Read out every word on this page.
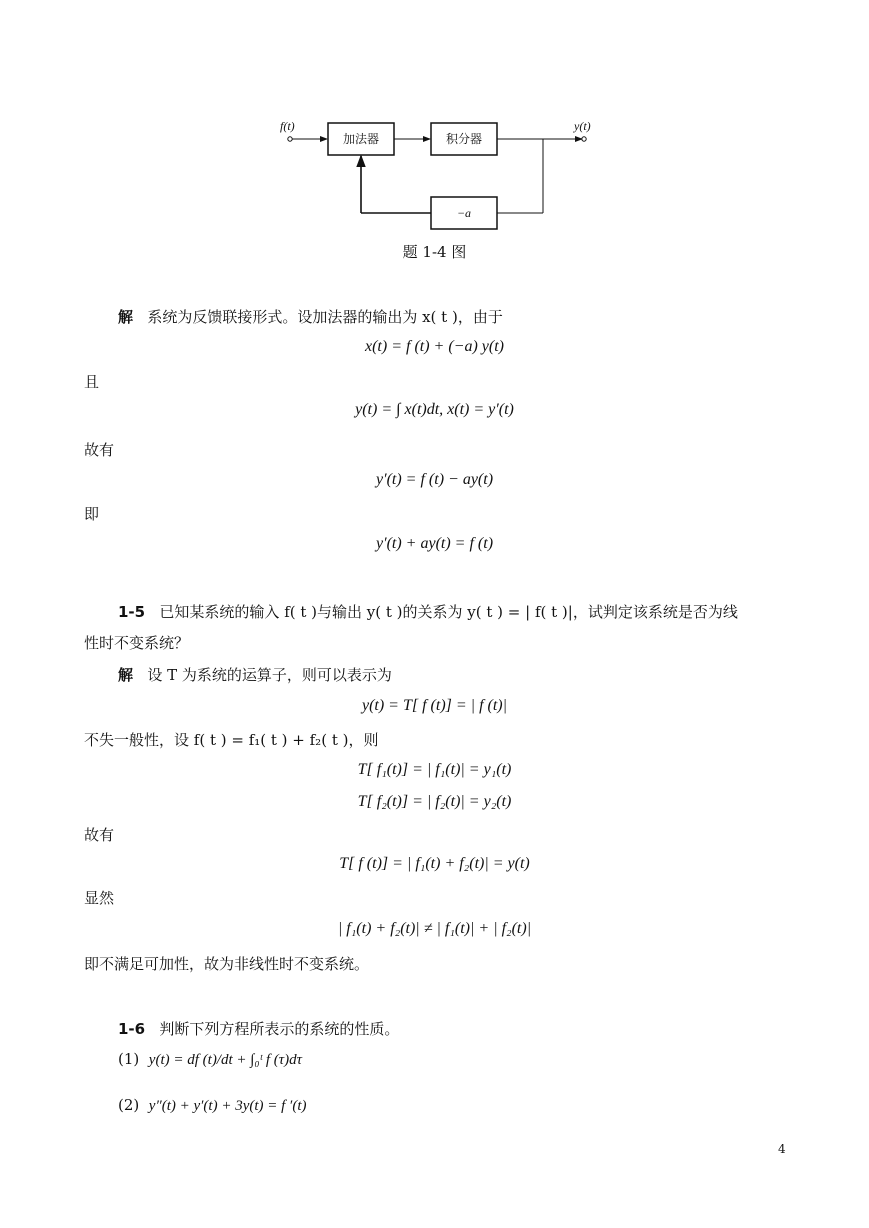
f(t)
加法器	积分器
y(t)
−a
题 1-4 图
解 系统为反馈联接形式。设加法器的输出为 x( t )，由于
x(t) = f (t) + (−a) y(t)
且
y(t) = ∫ x(t)dt, x(t) = y′(t)
故有
y′(t) = f (t) − ay(t)
即
y′(t) + ay(t) = f (t)
1-5 已知某系统的输入 f( t )与输出 y( t )的关系为 y( t ) = | f( t )|，试判定该系统是否为线
性时不变系统？
解 设 T 为系统的运算子，则可以表示为
y(t) = T[ f (t)] = | f (t)|
不失一般性，设 f( t ) = f₁( t ) + f₂( t )，则
T[ f₁(t)] = | f₁(t)| = y₁(t)
T[ f₂(t)] = | f₂(t)| = y₂(t)
故有
T[ f (t)] = | f₁(t) + f₂(t)| = y(t)
显然
| f₁(t) + f₂(t)| ≠ | f₁(t)| + | f₂(t)|
即不满足可加性，故为非线性时不变系统。
1-6 判断下列方程所表示的系统的性质。
(1) y(t) = df (t)/dt + ∫₀ᵗ f (τ)dτ
(2) y″(t) + y′(t) + 3y(t) = f ′(t)
4
